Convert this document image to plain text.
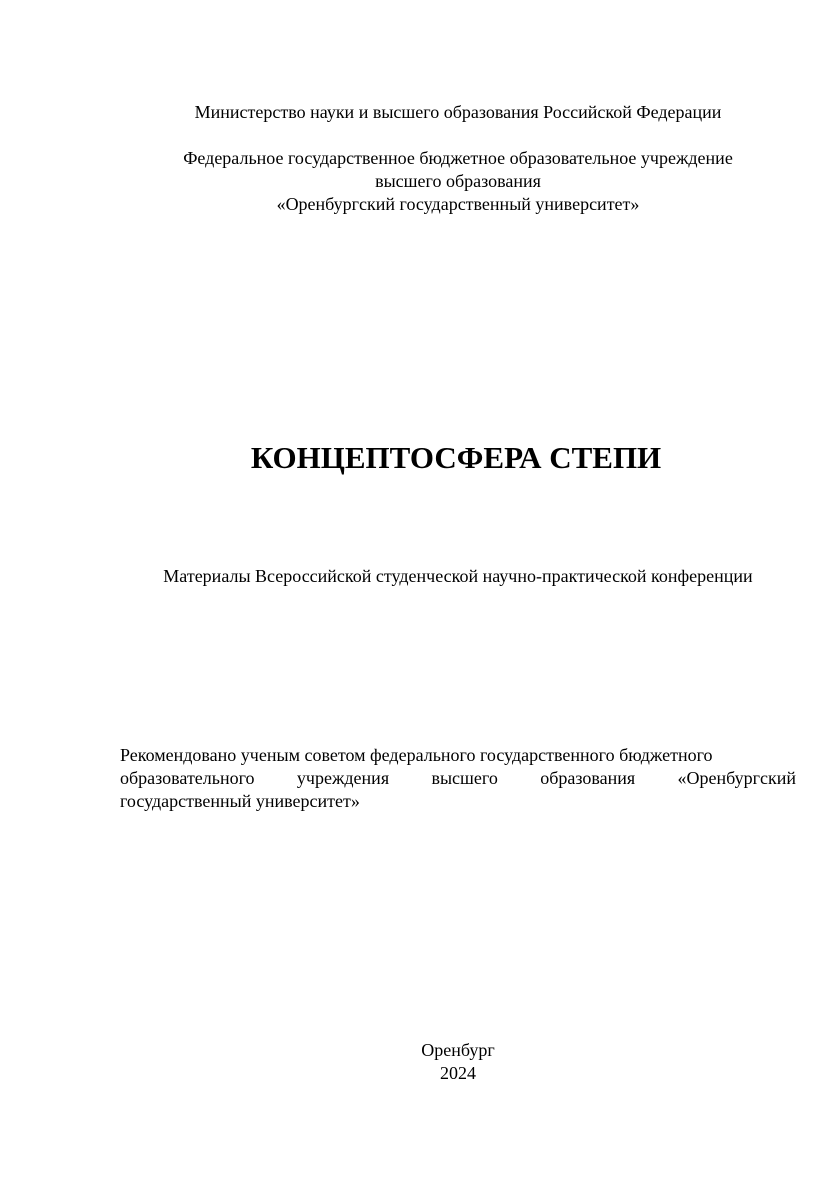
Министерство науки и высшего образования Российской Федерации
Федеральное государственное бюджетное образовательное учреждение
высшего образования
«Оренбургский государственный университет»
КОНЦЕПТОСФЕРА СТЕПИ
Материалы Всероссийской студенческой научно-практической конференции
Рекомендовано ученым советом федерального государственного бюджетного
образовательного учреждения высшего образования «Оренбургский
государственный университет»
Оренбург
2024
